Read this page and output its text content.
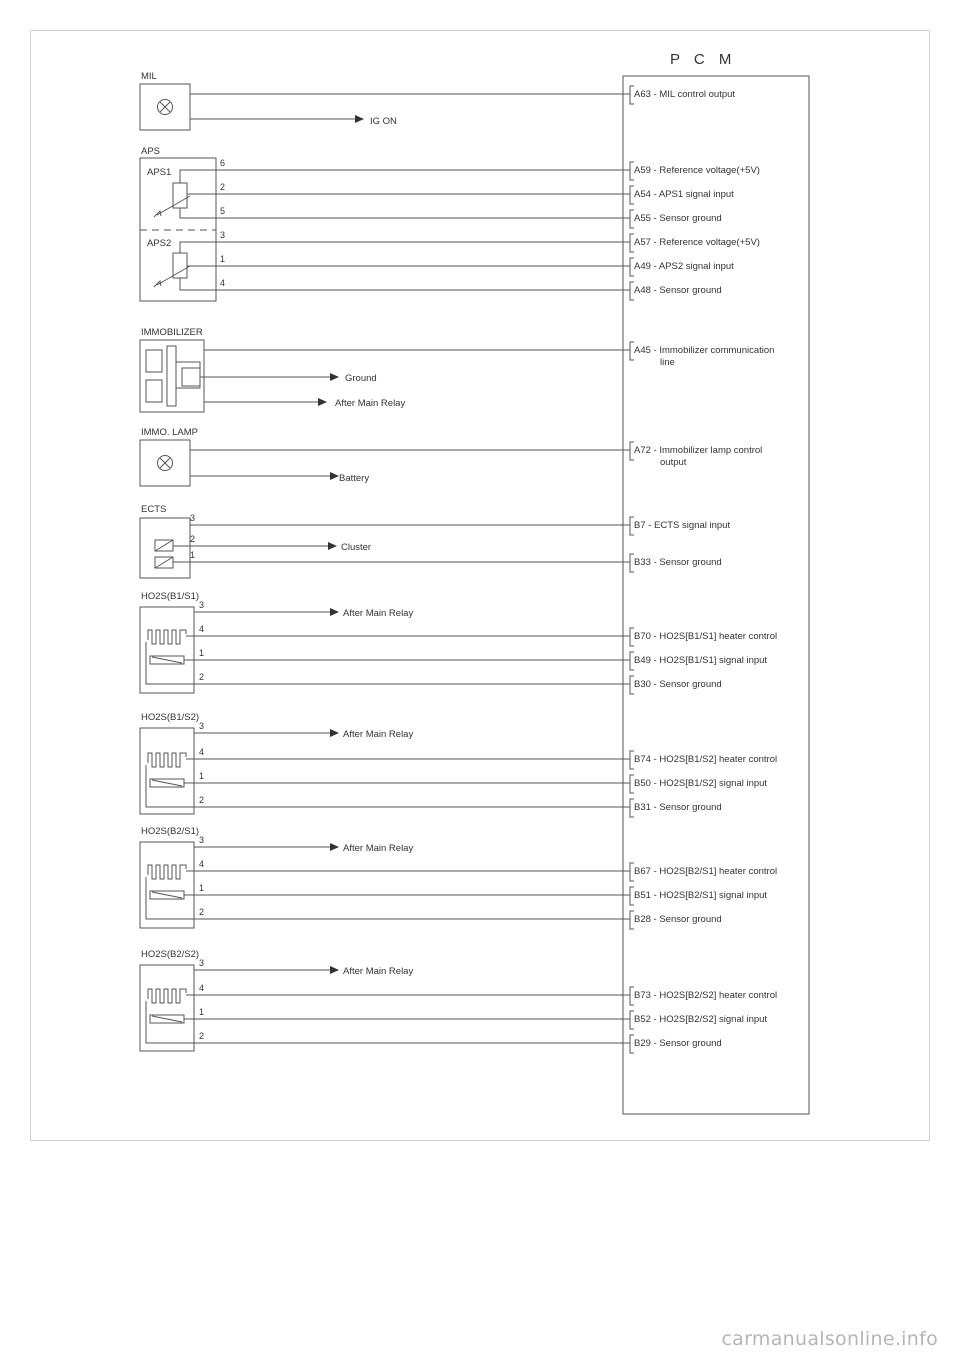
P C M
MIL
IG ON
APS
APS1
APS2
6
2
5
3
1
4
IMMOBILIZER
Ground
After Main Relay
IMMO. LAMP
Battery
ECTS
3
2
1
Cluster
HO2S(B1/S1)
After Main Relay
3
4
1
2
HO2S(B1/S2)
After Main Relay
3
4
1
2
HO2S(B2/S1)
After Main Relay
3
4
1
2
HO2S(B2/S2)
After Main Relay
3
4
1
2
A63 - MIL control output
A59 - Reference voltage(+5V)
A54 - APS1 signal input
A55 - Sensor ground
A57 - Reference voltage(+5V)
A49 - APS2 signal input
A48 - Sensor ground
A45 - Immobilizer communication
line
A72 - Immobilizer lamp control
output
B7 - ECTS signal input
B33 - Sensor ground
B70 - HO2S[B1/S1] heater control
B49 - HO2S[B1/S1] signal input
B30 - Sensor ground
B74 - HO2S[B1/S2] heater control
B50 - HO2S[B1/S2] signal input
B31 - Sensor ground
B67 - HO2S[B2/S1] heater control
B51 - HO2S[B2/S1] signal input
B28 - Sensor ground
B73 - HO2S[B2/S2] heater control
B52 - HO2S[B2/S2] signal input
B29 - Sensor ground
carmanualsonline.info
